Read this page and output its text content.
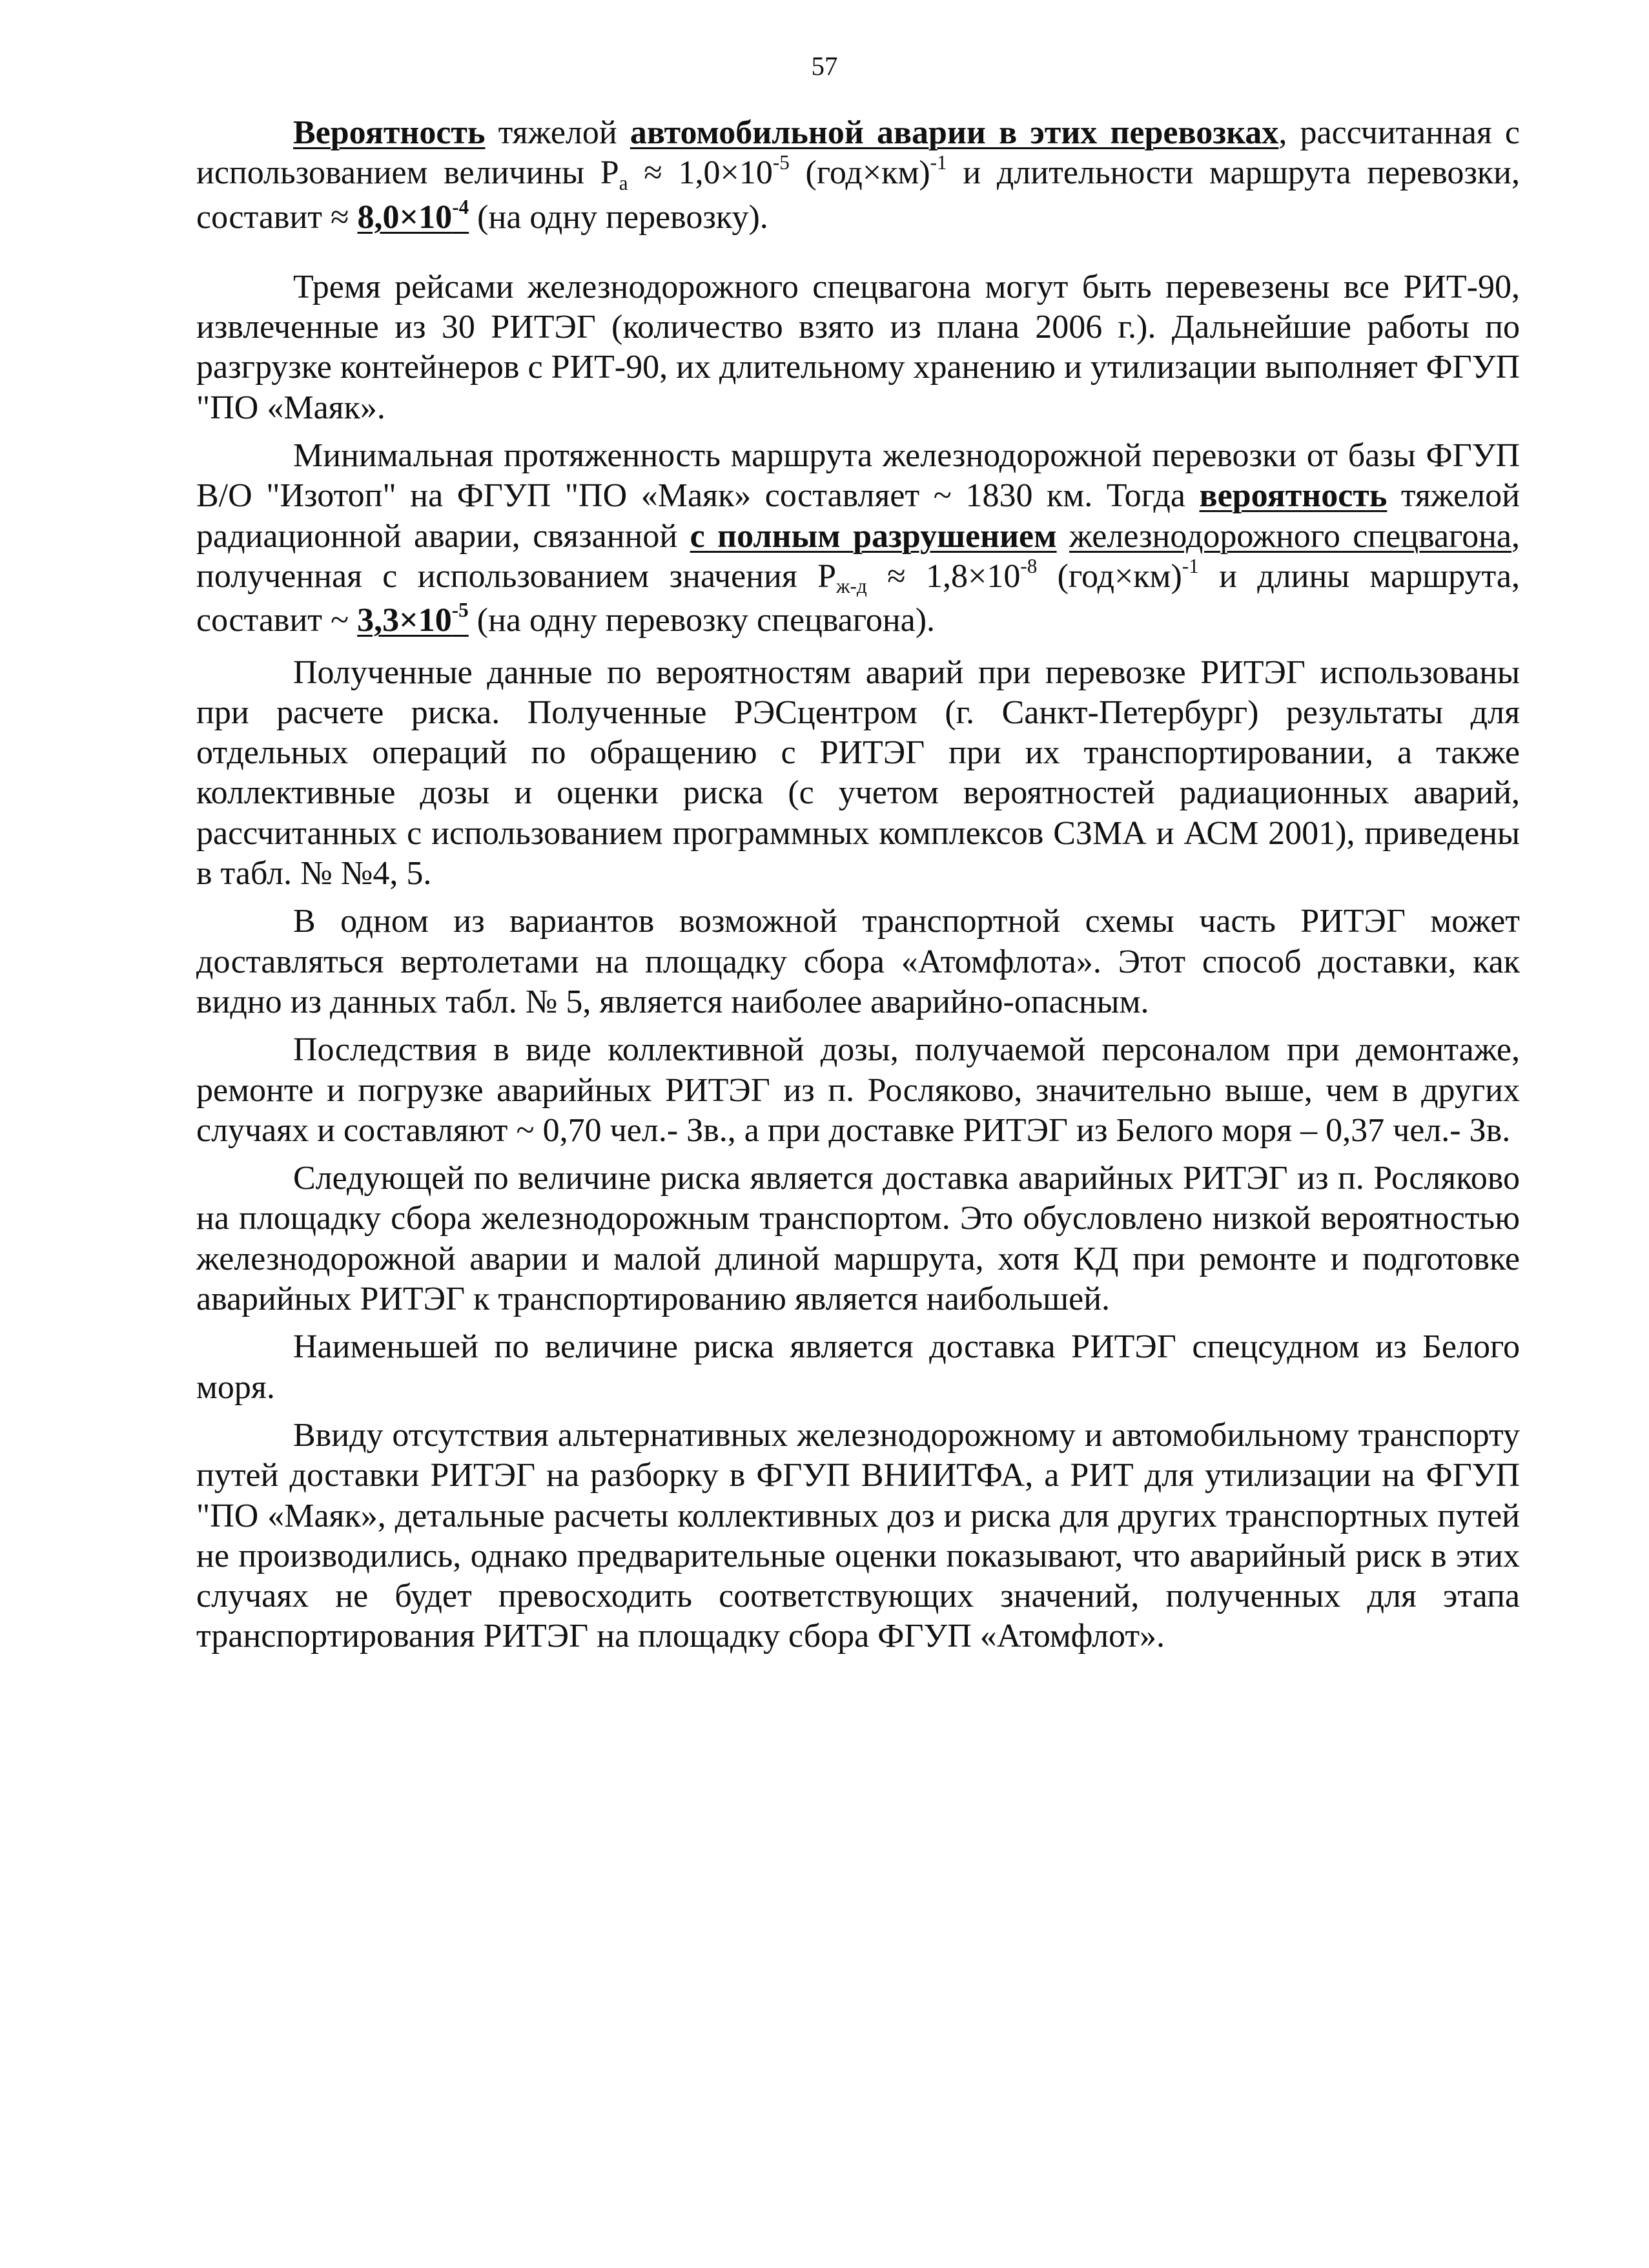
57

Вероятность тяжелой автомобильной аварии в этих перевозках, рассчитанная с использованием величины $Р_а \approx 1,0\times 10^{-5}$ $(год\times км)^{-1}$ и длительности маршрута перевозки, составит ≈ $8,0\times 10^{-4}$ (на одну перевозку).

Тремя рейсами железнодорожного спецвагона могут быть перевезены все РИТ-90, извлеченные из 30 РИТЭГ (количество взято из плана 2006 г.). Дальнейшие работы по разгрузке контейнеров с РИТ-90, их длительному хранению и утилизации выполняет ФГУП "ПО «Маяк».

Минимальная протяженность маршрута железнодорожной перевозки от базы ФГУП В/О "Изотоп" на ФГУП "ПО «Маяк» составляет ~ 1830 км. Тогда вероятность тяжелой радиационной аварии, связанной с полным разрушением железнодорожного спецвагона, полученная с использованием значения $Р_{ж-д} \approx 1,8\times 10^{-8}$ $(год\times км)^{-1}$ и длины маршрута, составит ~ $3,3\times 10^{-5}$ (на одну перевозку спецвагона).

Полученные данные по вероятностям аварий при перевозке РИТЭГ использованы при расчете риска. Полученные РЭСцентром (г. Санкт-Петербург) результаты для отдельных операций по обращению с РИТЭГ при их транспортировании, а также коллективные дозы и оценки риска (с учетом вероятностей радиационных аварий, рассчитанных с использованием программных комплексов СЗМА и АСМ 2001), приведены в табл. № №4, 5.

В одном из вариантов возможной транспортной схемы часть РИТЭГ может доставляться вертолетами на площадку сбора «Атомфлота». Этот способ доставки, как видно из данных табл. № 5, является наиболее аварийно-опасным.

Последствия в виде коллективной дозы, получаемой персоналом при демонтаже, ремонте и погрузке аварийных РИТЭГ из п. Росляково, значительно выше, чем в других случаях и составляют ~ 0,70 чел.- Зв., а при доставке РИТЭГ из Белого моря – 0,37 чел.- Зв.

Следующей по величине риска является доставка аварийных РИТЭГ из п. Росляково на площадку сбора железнодорожным транспортом. Это обусловлено низкой вероятностью железнодорожной аварии и малой длиной маршрута, хотя КД при ремонте и подготовке аварийных РИТЭГ к транспортированию является наибольшей.

Наименьшей по величине риска является доставка РИТЭГ спецсудном из Белого моря.

Ввиду отсутствия альтернативных железнодорожному и автомобильному транспорту путей доставки РИТЭГ на разборку в ФГУП ВНИИТФА, а РИТ для утилизации на ФГУП "ПО «Маяк», детальные расчеты коллективных доз и риска для других транспортных путей не производились, однако предварительные оценки показывают, что аварийный риск в этих случаях не будет превосходить соответствующих значений, полученных для этапа транспортирования РИТЭГ на площадку сбора ФГУП «Атомфлот».
